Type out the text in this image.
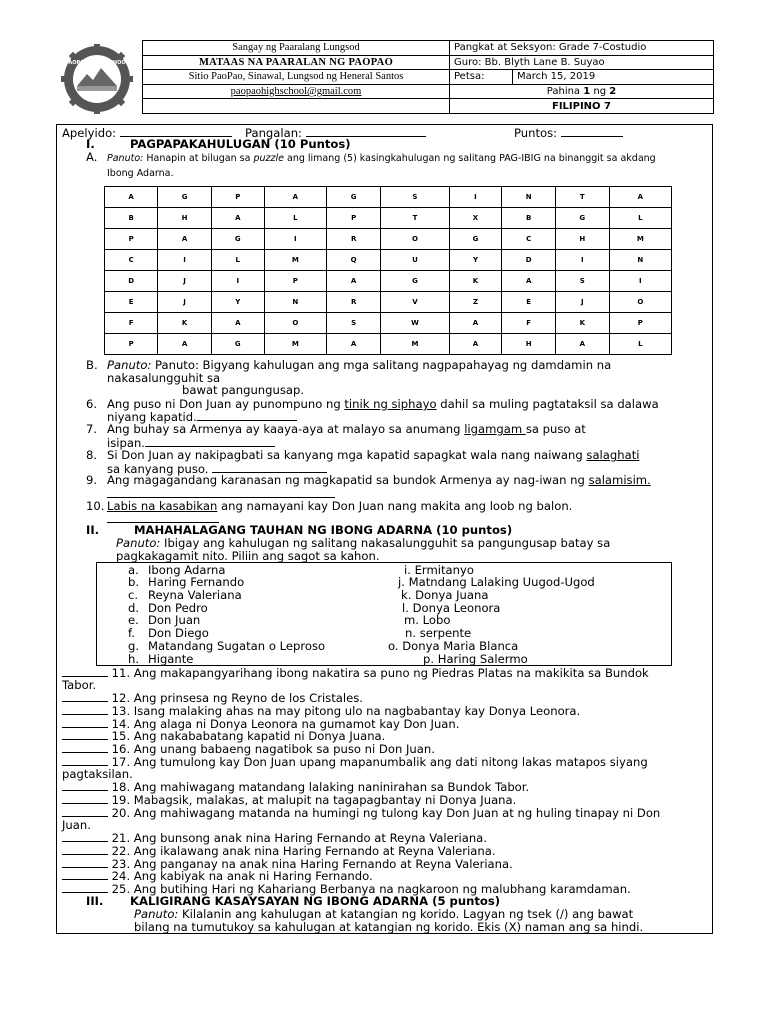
PAOPAO HIGH SCHOOL
Sangay ng Paaralang Lungsod	Pangkat at Seksyon: Grade 7-Costudio	
MATAAS NA PAARALAN NG PAOPAO	Guro: Bb. Blyth Lane B. Suyao	
Sitio PaoPao, Sinawal, Lungsod ng Heneral Santos	Petsa:	March 15, 2019
paopaohighschool@gmail.com	Pahina 1 ng 2	
	FILIPINO 7	
Apelyido:	Pangalan:	Puntos:
I.	PAGPAPAKAHULUGAN (10 Puntos)
A. Panuto: Hanapin at bilugan sa puzzle ang limang (5) kasingkahulugan ng salitang PAG-IBIG na binanggit sa akdang
Ibong Adarna.
A	G	P	A	G	S	I	N	T	A
B	H	A	L	P	T	X	B	G	L
P	A	G	I	R	O	G	C	H	M
C	I	L	M	Q	U	Y	D	I	N
D	J	I	P	A	G	K	A	S	I
E	J	Y	N	R	V	Z	E	J	O
F	K	A	O	S	W	A	F	K	P
P	A	G	M	A	M	A	H	A	L
B. Panuto: Panuto: Bigyang kahulugan ang mga salitang nagpapahayag ng damdamin na
nakasalungguhit sa
bawat pangungusap.
6. Ang puso ni Don Juan ay punompuno ng tinik ng siphayo dahil sa muling pagtataksil sa dalawa
niyang kapatid.
7. Ang buhay sa Armenya ay kaaya-aya at malayo sa anumang ligamgam sa puso at
isipan.
8. Si Don Juan ay nakipagbati sa kanyang mga kapatid sapagkat wala nang naiwang salaghati
sa kanyang puso.
9. Ang magagandang karanasan ng magkapatid sa bundok Armenya ay nag-iwan ng salamisim.
10. Labis na kasabikan ang namayani kay Don Juan nang makita ang loob ng balon.
II.	MAHAHALAGANG TAUHAN NG IBONG ADARNA (10 puntos)
Panuto: Ibigay ang kahulugan ng salitang nakasalungguhit sa pangungusap batay sa
pagkakagamit nito. Piliin ang sagot sa kahon.
a. Ibong Adarna
b. Haring Fernando
c. Reyna Valeriana
d. Don Pedro
e. Don Juan
f. Don Diego
g. Matandang Sugatan o Leproso
h. Higante
i. Ermitanyo
j. Matndang Lalaking Uugod-Ugod
k. Donya Juana
l. Donya Leonora
m. Lobo
n. serpente
o. Donya Maria Blanca
p. Haring Salermo
11. Ang makapangyarihang ibong nakatira sa puno ng Piedras Platas na makikita sa Bundok
Tabor.
12. Ang prinsesa ng Reyno de los Cristales.
13. Isang malaking ahas na may pitong ulo na nagbabantay kay Donya Leonora.
14. Ang alaga ni Donya Leonora na gumamot kay Don Juan.
15. Ang nakababatang kapatid ni Donya Juana.
16. Ang unang babaeng nagatibok sa puso ni Don Juan.
17. Ang tumulong kay Don Juan upang mapanumbalik ang dati nitong lakas matapos siyang
pagtaksilan.
18. Ang mahiwagang matandang lalaking naninirahan sa Bundok Tabor.
19. Mabagsik, malakas, at malupit na tagapagbantay ni Donya Juana.
20. Ang mahiwagang matanda na humingi ng tulong kay Don Juan at ng huling tinapay ni Don
Juan.
21. Ang bunsong anak nina Haring Fernando at Reyna Valeriana.
22. Ang ikalawang anak nina Haring Fernando at Reyna Valeriana.
23. Ang panganay na anak nina Haring Fernando at Reyna Valeriana.
24. Ang kabiyak na anak ni Haring Fernando.
25. Ang butihing Hari ng Kahariang Berbanya na nagkaroon ng malubhang karamdaman.
III. KALIGIRANG KASAYSAYAN NG IBONG ADARNA (5 puntos)
Panuto: Kilalanin ang kahulugan at katangian ng korido. Lagyan ng tsek (/) ang bawat
bilang na tumutukoy sa kahulugan at katangian ng korido. Ekis (X) naman ang sa hindi.
